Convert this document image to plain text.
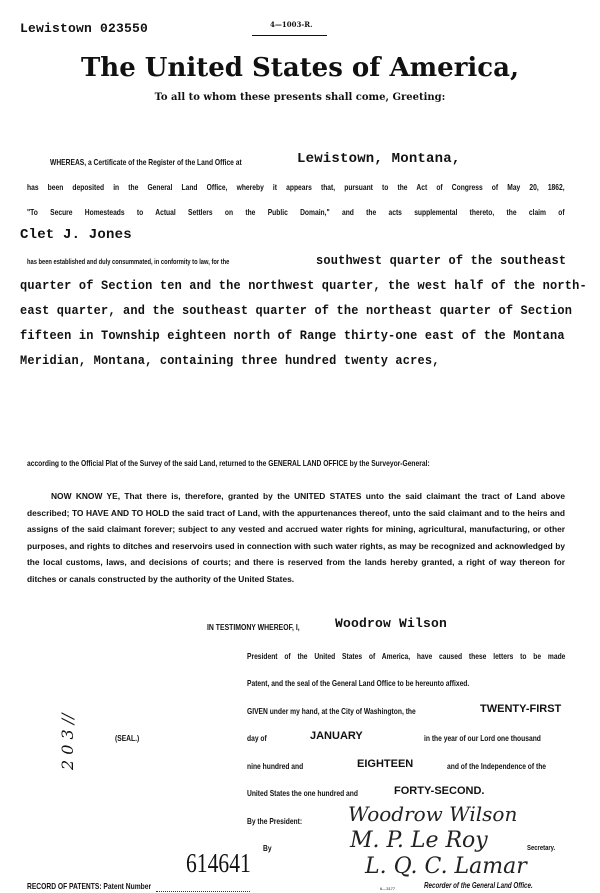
Lewistown 023550	4—1003-R.
The United States of America,
To all to whom these presents shall come, Greeting:
WHEREAS, a Certificate of the Register of the Land Office at	Lewistown, Montana,
has been deposited in the General Land Office, whereby it appears that, pursuant to the Act of Congress of May 20, 1862,
"To Secure Homesteads to Actual Settlers on the Public Domain," and the acts supplemental thereto, the claim of
Clet J. Jones
has been established and duly consummated, in conformity to law, for the	southwest quarter of the southeast
quarter of Section ten and the northwest quarter, the west half of the north-
east quarter, and the southeast quarter of the northeast quarter of Section
fifteen in Township eighteen north of Range thirty-one east of the Montana
Meridian, Montana, containing three hundred twenty acres,
according to the Official Plat of the Survey of the said Land, returned to the GENERAL LAND OFFICE by the Surveyor-General:
NOW KNOW YE, That there is, therefore, granted by the UNITED STATES unto the said claimant the tract of Land above described; TO HAVE AND TO HOLD the said tract of Land, with the appurtenances thereof, unto the said claimant and to the heirs and assigns of the said claimant forever; subject to any vested and accrued water rights for mining, agricultural, manufacturing, or other purposes, and rights to ditches and reservoirs used in connection with such water rights, as may be recognized and acknowledged by the local customs, laws, and decisions of courts; and there is reserved from the lands hereby granted, a right of way thereon for ditches or canals constructed by the authority of the United States.
IN TESTIMONY WHEREOF, I,	Woodrow Wilson
President of the United States of America, have caused these letters to be made
Patent, and the seal of the General Land Office to be hereunto affixed.
GIVEN under my hand, at the City of Washington, the	TWENTY-FIRST
day of	JANUARY	in the year of our Lord one thousand
nine hundred and	EIGHTEEN	and of the Independence of the
United States the one hundred and	FORTY-SECOND.
By the President: Woodrow Wilson
By	M. P. Le Roy	Secretary.
L. Q. C. Lamar
Recorder of the General Land Office.
(SEAL.)
2 0 3 //
RECORD OF PATENTS: Patent Number
614641
6—3177
